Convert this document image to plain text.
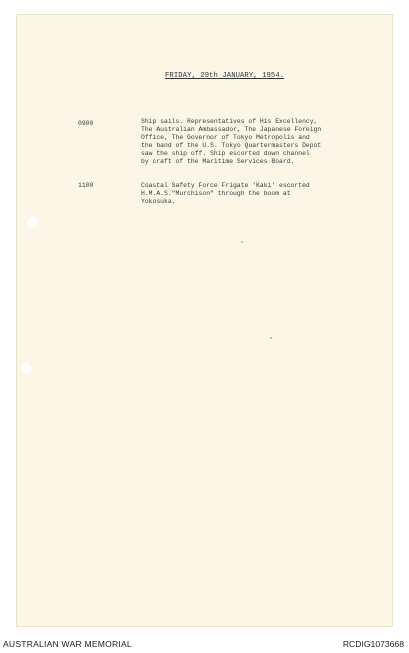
FRIDAY, 29th JANUARY, 1954.
0900	Ship sails. Representatives of His Excellency,
The Australian Ambassador, The Japanese Foreign
Office, The Governor of Tokyo Metropolis and
the band of the U.S. Tokyo Quartermasters Depot
saw the ship off. Ship escorted down channel
by craft of the Maritime Services Board.
1100	Coastal Safety Force Frigate 'Kaki' escorted
H.M.A.S."Murchison" through the boom at
Yokosuka.
AUSTRALIAN WAR MEMORIAL	RCDIG1073668
